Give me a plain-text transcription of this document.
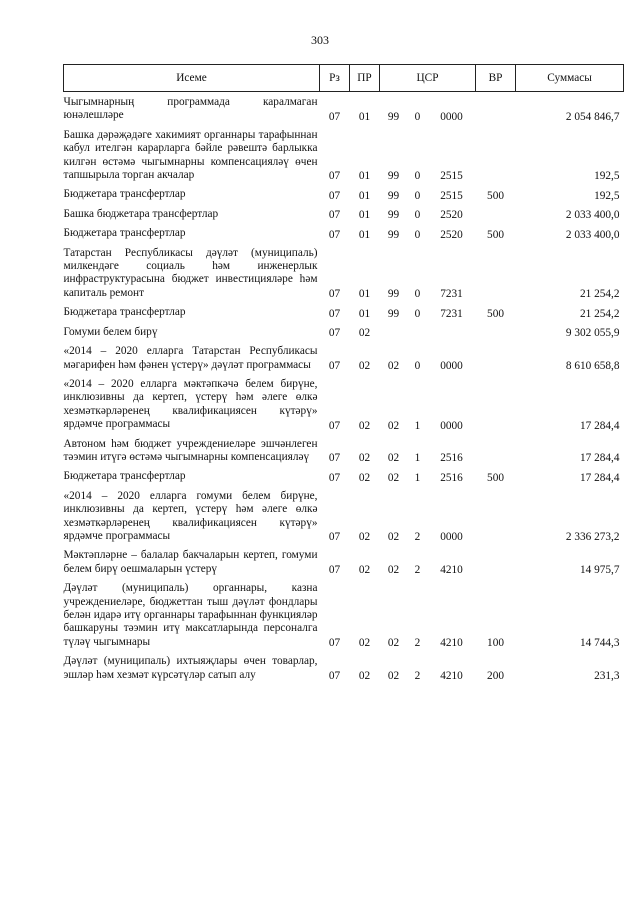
303
Исеме	Рз	ПР	ЦСР			ВР	Суммасы
Чыгымнарның программада каралмаган юнәлешләре	07	01	99	0	0000		2 054 846,7
Башка дәрәҗәдәге хакимият органнары тарафыннан кабул ителгән карарларга бәйле рәвештә барлыкка килгән өстәмә чыгымнарны компенсацияләү өчен тапшырыла торган акчалар	07	01	99	0	2515		192,5
Бюджетара трансфертлар	07	01	99	0	2515	500	192,5
Башка бюджетара трансфертлар	07	01	99	0	2520		2 033 400,0
Бюджетара трансфертлар	07	01	99	0	2520	500	2 033 400,0
Татарстан Республикасы дәүләт (муниципаль) милкендәге социаль һәм инженерлык инфраструктурасына бюджет инвестицияләре һәм капиталь ремонт	07	01	99	0	7231		21 254,2
Бюджетара трансфертлар	07	01	99	0	7231	500	21 254,2
Гомуми белем бирү	07	02					9 302 055,9
«2014 – 2020 елларга Татарстан Республикасы мәгарифен һәм фәнен үстерү» дәүләт программасы	07	02	02	0	0000		8 610 658,8
«2014 – 2020 елларга мәктәпкәчә белем бирүне, инклюзивны да кертеп, үстерү һәм әлеге өлкә хезмәткәрләренең квалификациясен күтәрү» ярдәмче программасы	07	02	02	1	0000		17 284,4
Автоном һәм бюджет учреждениеләре эшчәнлеген тәэмин итүгә өстәмә чыгымнарны компенсацияләү	07	02	02	1	2516		17 284,4
Бюджетара трансфертлар	07	02	02	1	2516	500	17 284,4
«2014 – 2020 елларга гомуми белем бирүне, инклюзивны да кертеп, үстерү һәм әлеге өлкә хезмәткәрләренең квалификациясен күтәрү» ярдәмче программасы	07	02	02	2	0000		2 336 273,2
Мәктәпләрне – балалар бакчаларын кертеп, гомуми белем бирү оешмаларын үстерү	07	02	02	2	4210		14 975,7
Дәүләт (муниципаль) органнары, казна учреждениеләре, бюджеттан тыш дәүләт фондлары белән идарә итү органнары тарафыннан функцияләр башкаруны тәэмин итү максатларында персоналга түләү чыгымнары	07	02	02	2	4210	100	14 744,3
Дәүләт (муниципаль) ихтыяҗлары өчен товарлар, эшләр һәм хезмәт күрсәтүләр сатып алу	07	02	02	2	4210	200	231,3
